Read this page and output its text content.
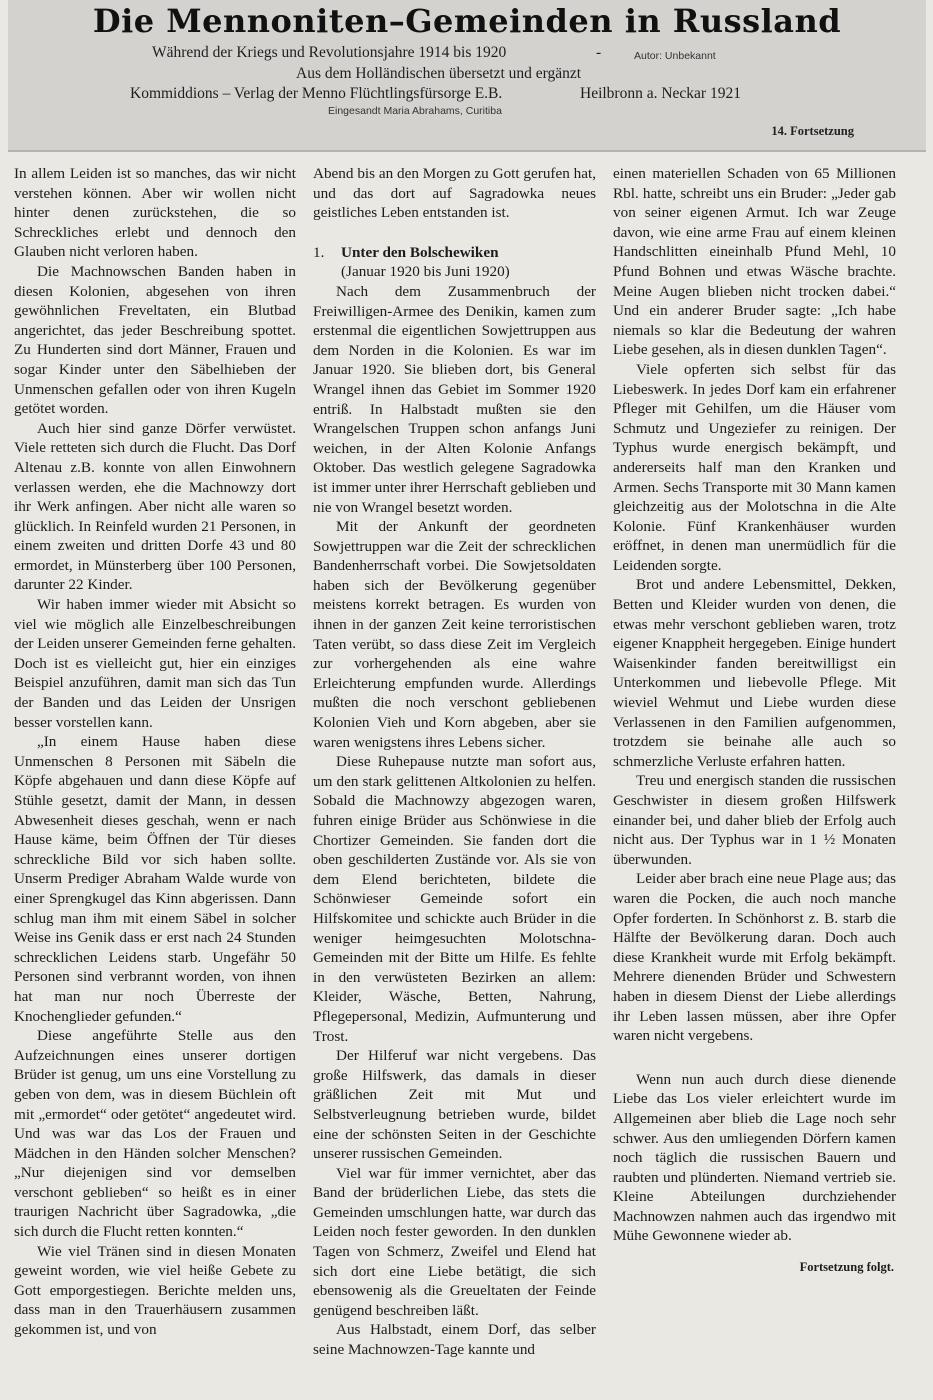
Die Mennoniten–Gemeinden in Russland
Während der Kriegs und Revolutionsjahre 1914 bis 1920	-	Autor: Unbekannt
Aus dem Holländischen übersetzt und ergänzt
Kommiddions – Verlag der Menno Flüchtlingsfürsorge E.B.	Heilbronn a. Neckar 1921
Eingesandt Maria Abrahams, Curitiba
14. Fortsetzung

In allem Leiden ist so manches, das wir nicht verstehen können. Aber wir wollen nicht hinter denen zurückstehen, die so Schreckliches erlebt und dennoch den Glauben nicht verloren haben.

Die Machnowschen Banden haben in diesen Kolonien, abgesehen von ihren gewöhnlichen Freveltaten, ein Blutbad angerichtet, das jeder Beschreibung spottet. Zu Hunderten sind dort Männer, Frauen und sogar Kinder unter den Säbelhieben der Unmenschen gefallen oder von ihren Kugeln getötet worden.

Auch hier sind ganze Dörfer verwüstet. Viele retteten sich durch die Flucht. Das Dorf Altenau z.B. konnte von allen Einwohnern verlassen werden, ehe die Machnowzy dort ihr Werk anfingen. Aber nicht alle waren so glücklich. In Reinfeld wurden 21 Personen, in einem zweiten und dritten Dorfe 43 und 80 ermordet, in Münsterberg über 100 Personen, darunter 22 Kinder.

Wir haben immer wieder mit Absicht so viel wie möglich alle Einzelbeschreibungen der Leiden unserer Gemeinden ferne gehalten. Doch ist es vielleicht gut, hier ein einziges Beispiel anzuführen, damit man sich das Tun der Banden und das Leiden der Unsrigen besser vorstellen kann.

„In einem Hause haben diese Unmenschen 8 Personen mit Säbeln die Köpfe abgehauen und dann diese Köpfe auf Stühle gesetzt, damit der Mann, in dessen Abwesenheit dieses geschah, wenn er nach Hause käme, beim Öffnen der Tür dieses schreckliche Bild vor sich haben sollte. Unserm Prediger Abraham Walde wurde von einer Sprengkugel das Kinn abgerissen. Dann schlug man ihm mit einem Säbel in solcher Weise ins Genik dass er erst nach 24 Stunden schrecklichen Leidens starb. Ungefähr 50 Personen sind verbrannt worden, von ihnen hat man nur noch Überreste der Knochenglieder gefunden.“

Diese angeführte Stelle aus den Aufzeichnungen eines unserer dortigen Brüder ist genug, um uns eine Vorstellung zu geben von dem, was in diesem Büchlein oft mit „ermordet“ oder getötet“ angedeutet wird. Und was war das Los der Frauen und Mädchen in den Händen solcher Menschen? „Nur diejenigen sind vor demselben verschont geblieben“ so heißt es in einer traurigen Nachricht über Sagradowka, „die sich durch die Flucht retten konnten.“

Wie viel Tränen sind in diesen Monaten geweint worden, wie viel heiße Gebete zu Gott emporgestiegen. Berichte melden uns, dass man in den Trauerhäusern zusammen gekommen ist, und von

Abend bis an den Morgen zu Gott gerufen hat, und das dort auf Sagradowka neues geistliches Leben entstanden ist.

1. Unter den Bolschewiken
(Januar 1920 bis Juni 1920)

Nach dem Zusammenbruch der Freiwilligen-Armee des Denikin, kamen zum erstenmal die eigentlichen Sowjettruppen aus dem Norden in die Kolonien. Es war im Januar 1920. Sie blieben dort, bis General Wrangel ihnen das Gebiet im Sommer 1920 entriß. In Halbstadt mußten sie den Wrangelschen Truppen schon anfangs Juni weichen, in der Alten Kolonie Anfangs Oktober. Das westlich gelegene Sagradowka ist immer unter ihrer Herrschaft geblieben und nie von Wrangel besetzt worden.

Mit der Ankunft der geordneten Sowjettruppen war die Zeit der schrecklichen Bandenherrschaft vorbei. Die Sowjetsoldaten haben sich der Bevölkerung gegenüber meistens korrekt betragen. Es wurden von ihnen in der ganzen Zeit keine terroristischen Taten verübt, so dass diese Zeit im Vergleich zur vorhergehenden als eine wahre Erleichterung empfunden wurde. Allerdings mußten die noch verschont gebliebenen Kolonien Vieh und Korn abgeben, aber sie waren wenigstens ihres Lebens sicher.

Diese Ruhepause nutzte man sofort aus, um den stark gelittenen Altkolonien zu helfen. Sobald die Machnowzy abgezogen waren, fuhren einige Brüder aus Schönwiese in die Chortizer Gemeinden. Sie fanden dort die oben geschilderten Zustände vor. Als sie von dem Elend berichteten, bildete die Schönwieser Gemeinde sofort ein Hilfskomitee und schickte auch Brüder in die weniger heimgesuchten Molotschna-Gemeinden mit der Bitte um Hilfe. Es fehlte in den verwüsteten Bezirken an allem: Kleider, Wäsche, Betten, Nahrung, Pflegepersonal, Medizin, Aufmunterung und Trost.

Der Hilferuf war nicht vergebens. Das große Hilfswerk, das damals in dieser gräßlichen Zeit mit Mut und Selbstverleugnung betrieben wurde, bildet eine der schönsten Seiten in der Geschichte unserer russischen Gemeinden.

Viel war für immer vernichtet, aber das Band der brüderlichen Liebe, das stets die Gemeinden umschlungen hatte, war durch das Leiden noch fester geworden. In den dunklen Tagen von Schmerz, Zweifel und Elend hat sich dort eine Liebe betätigt, die sich ebensowenig als die Greueltaten der Feinde genügend beschreiben läßt.

Aus Halbstadt, einem Dorf, das selber seine Machnowzen-Tage kannte und

einen materiellen Schaden von 65 Millionen Rbl. hatte, schreibt uns ein Bruder: „Jeder gab von seiner eigenen Armut. Ich war Zeuge davon, wie eine arme Frau auf einem kleinen Handschlitten eineinhalb Pfund Mehl, 10 Pfund Bohnen und etwas Wäsche brachte. Meine Augen blieben nicht trocken dabei.“ Und ein anderer Bruder sagte: „Ich habe niemals so klar die Bedeutung der wahren Liebe gesehen, als in diesen dunklen Tagen“.

Viele opferten sich selbst für das Liebeswerk. In jedes Dorf kam ein erfahrener Pfleger mit Gehilfen, um die Häuser vom Schmutz und Ungeziefer zu reinigen. Der Typhus wurde energisch bekämpft, und andererseits half man den Kranken und Armen. Sechs Transporte mit 30 Mann kamen gleichzeitig aus der Molotschna in die Alte Kolonie. Fünf Krankenhäuser wurden eröffnet, in denen man unermüdlich für die Leidenden sorgte.

Brot und andere Lebensmittel, Dekken, Betten und Kleider wurden von denen, die etwas mehr verschont geblieben waren, trotz eigener Knappheit hergegeben. Einige hundert Waisenkinder fanden bereitwilligst ein Unterkommen und liebevolle Pflege. Mit wieviel Wehmut und Liebe wurden diese Verlassenen in den Familien aufgenommen, trotzdem sie beinahe alle auch so schmerzliche Verluste erfahren hatten.

Treu und energisch standen die russischen Geschwister in diesem großen Hilfswerk einander bei, und daher blieb der Erfolg auch nicht aus. Der Typhus war in 1 ½ Monaten überwunden.

Leider aber brach eine neue Plage aus; das waren die Pocken, die auch noch manche Opfer forderten. In Schönhorst z. B. starb die Hälfte der Bevölkerung daran. Doch auch diese Krankheit wurde mit Erfolg bekämpft. Mehrere dienenden Brüder und Schwestern haben in diesem Dienst der Liebe allerdings ihr Leben lassen müssen, aber ihre Opfer waren nicht vergebens.

Wenn nun auch durch diese dienende Liebe das Los vieler erleichtert wurde im Allgemeinen aber blieb die Lage noch sehr schwer. Aus den umliegenden Dörfern kamen noch täglich die russischen Bauern und raubten und plünderten. Niemand vertrieb sie. Kleine Abteilungen durchziehender Machnowzen nahmen auch das irgendwo mit Mühe Gewonnene wieder ab.

Fortsetzung folgt.
